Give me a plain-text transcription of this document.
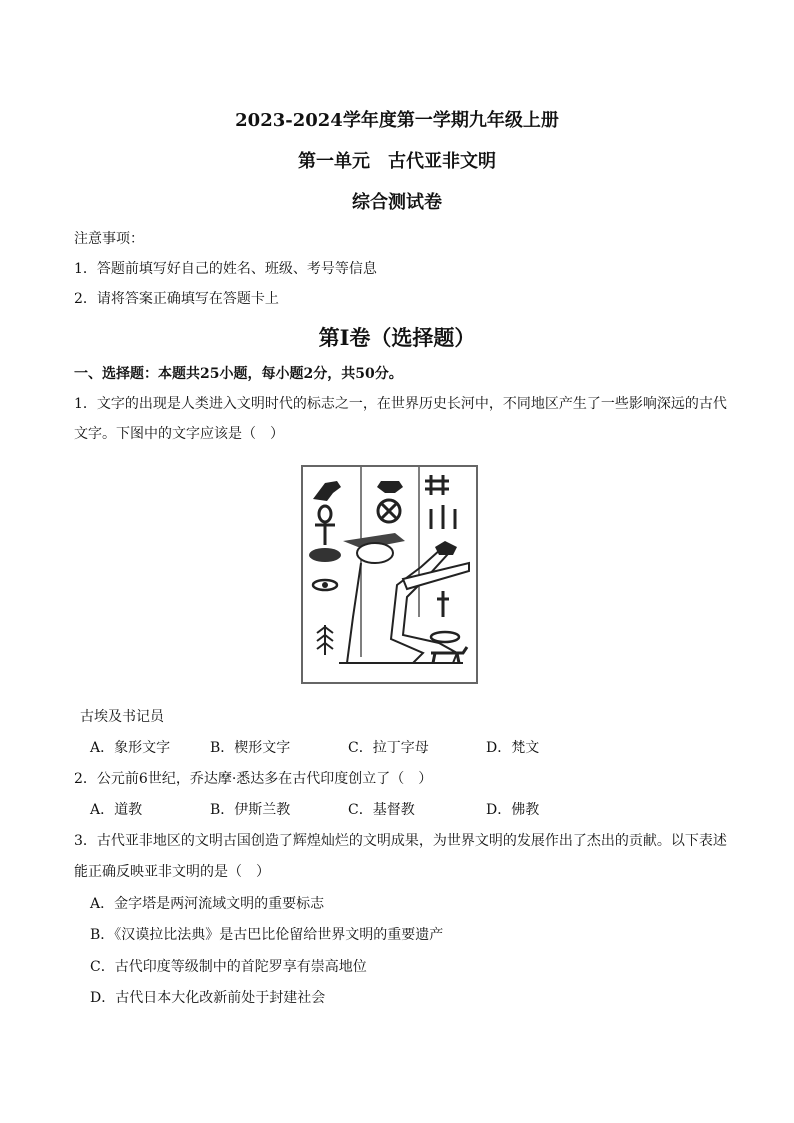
2023-2024学年度第一学期九年级上册
第一单元　古代亚非文明
综合测试卷
注意事项：
1．答题前填写好自己的姓名、班级、考号等信息
2．请将答案正确填写在答题卡上
第Ⅰ卷（选择题）
一、选择题：本题共25小题，每小题2分，共50分。
1．文字的出现是人类进入文明时代的标志之一，在世界历史长河中，不同地区产生了一些影响深远的古代
文字。下图中的文字应该是（　）
古埃及书记员
A．象形文字	B．楔形文字	C．拉丁字母	D．梵文
2．公元前6世纪，乔达摩·悉达多在古代印度创立了（　）
A．道教	B．伊斯兰教	C．基督教	D．佛教
3．古代亚非地区的文明古国创造了辉煌灿烂的文明成果，为世界文明的发展作出了杰出的贡献。以下表述
能正确反映亚非文明的是（　）
A．金字塔是两河流域文明的重要标志
B．《汉谟拉比法典》是古巴比伦留给世界文明的重要遗产
C．古代印度等级制中的首陀罗享有崇高地位
D．古代日本大化改新前处于封建社会
